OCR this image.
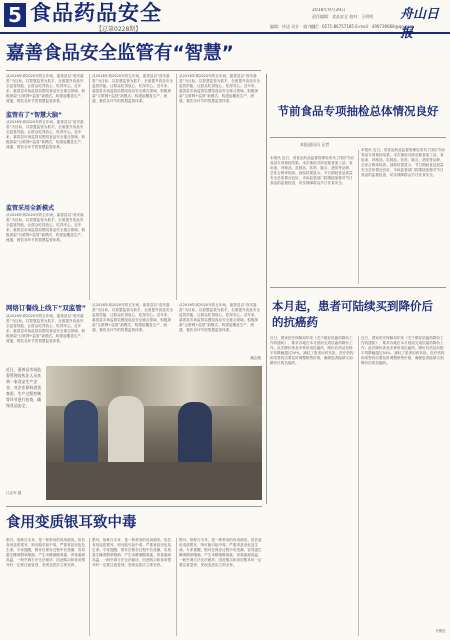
5 食品药品安全
【总第0228期】
2018年9月29日
责任编辑：食品安全 校对：王明明
编辑：传达 设计：姚力丹
电话：0571-86757185 E-mail：490739668@qq.com
舟山日报
嘉善食品安全监管有“智慧”
从2016年到2020年的五年间，嘉善县以“食安嘉善”为目标，以智慧监管为抓手，全面提升食品安全监管效能，让群众吃得放心、吃得安心。近年来，嘉善县市场监管局围绕食品安全重点领域，积极探索“互联网+监管”新模式，构建起覆盖生产、流通、餐饮各环节的智慧监管体系。
监管有了“智慧大脑”
从2016年到2020年的五年间，嘉善县以“食安嘉善”为目标，以智慧监管为抓手，全面提升食品安全监管效能，让群众吃得放心、吃得安心。近年来，嘉善县市场监管局围绕食品安全重点领域，积极探索“互联网+监管”新模式，构建起覆盖生产、流通、餐饮各环节的智慧监管体系。
监管采用全新模式
从2016年到2020年的五年间，嘉善县以“食安嘉善”为目标，以智慧监管为抓手，全面提升食品安全监管效能，让群众吃得放心、吃得安心。近年来，嘉善县市场监管局围绕食品安全重点领域，积极探索“互联网+监管”新模式，构建起覆盖生产、流通、餐饮各环节的智慧监管体系。
从2016年到2020年的五年间，嘉善县以“食安嘉善”为目标，以智慧监管为抓手，全面提升食品安全监管效能，让群众吃得放心、吃得安心。近年来，嘉善县市场监管局围绕食品安全重点领域，积极探索“互联网+监管”新模式，构建起覆盖生产、流通、餐饮各环节的智慧监管体系。
从2016年到2020年的五年间，嘉善县以“食安嘉善”为目标，以智慧监管为抓手，全面提升食品安全监管效能，让群众吃得放心、吃得安心。近年来，嘉善县市场监管局围绕食品安全重点领域，积极探索“互联网+监管”新模式，构建起覆盖生产、流通、餐饮各环节的智慧监管体系。
网络订餐线上线下“双监管”
从2016年到2020年的五年间，嘉善县以“食安嘉善”为目标，以智慧监管为抓手，全面提升食品安全监管效能，让群众吃得放心、吃得安心。近年来，嘉善县市场监管局围绕食品安全重点领域，积极探索“互联网+监管”新模式，构建起覆盖生产、流通、餐饮各环节的智慧监管体系。
从2016年到2020年的五年间，嘉善县以“食安嘉善”为目标，以智慧监管为抓手，全面提升食品安全监管效能，让群众吃得放心、吃得安心。近年来，嘉善县市场监管局围绕食品安全重点领域，积极探索“互联网+监管”新模式，构建起覆盖生产、流通、餐饮各环节的智慧监管体系。
从2016年到2020年的五年间，嘉善县以“食安嘉善”为目标，以智慧监管为抓手，全面提升食品安全监管效能，让群众吃得放心、吃得安心。近年来，嘉善县市场监管局围绕食品安全重点领域，积极探索“互联网+监管”新模式，构建起覆盖生产、流通、餐饮各环节的智慧监管体系。
潘志刚
近日，嘉善县市场监督管理局执法人员来到一家食品生产企业，对企业原料进货查验、生产过程控制等环节进行检查，确保食品安全。
江志军 摄
节前食品专项抽检总体情况良好
本报通讯员 记者
本报讯 近日，省食品药品监督管理局发布了国庆节前食品专项抽检结果。本次抽检共涉及粮食加工品、食用油、肉制品、乳制品、饮料、糕点、酒类等品种，总体合格率较高。抽检结果显示，节日期间食品质量安全总体情况良好，市场监管部门将继续加强对节日食品的监督检查，切实保障群众节日饮食安全。
本报讯 近日，省食品药品监督管理局发布了国庆节前食品专项抽检结果。本次抽检共涉及粮食加工品、食用油、肉制品、乳制品、饮料、糕点、酒类等品种，总体合格率较高。抽检结果显示，节日期间食品质量安全总体情况良好，市场监管部门将继续加强对节日食品的监督检查，切实保障群众节日饮食安全。
本月起，患者可陆续买到降价后的抗癌药
近日，国家医疗保障局印发《关于做好抗癌药降价工作的通知》，要求各地在本月底前完成抗癌药降价工作。此次降价涉及多种常用抗癌药，降价后药品价格平均降幅超过50%，减轻了患者用药负担。医疗机构和零售药店要及时调整销售价格，确保患者能够买到降价后的抗癌药。
近日，国家医疗保障局印发《关于做好抗癌药降价工作的通知》，要求各地在本月底前完成抗癌药降价工作。此次降价涉及多种常用抗癌药，降价后药品价格平均降幅超过50%，减轻了患者用药负担。医疗机构和零售药店要及时调整销售价格，确保患者能够买到降价后的抗癌药。
食用变质银耳致中毒
银耳，俗称白木耳，是一种常用的食用菌类。但若食用变质银耳，则可能引起中毒，严重者甚至危及生命。专家提醒，银耳在保存过程中若受潮，容易滋生椰毒假单胞菌，产生米酵菌酸毒素，该毒素耐高温，一般烹调方法无法破坏，因此购买和食用银耳时一定要注意鉴别，发现变质应立即丢弃。
银耳，俗称白木耳，是一种常用的食用菌类。但若食用变质银耳，则可能引起中毒，严重者甚至危及生命。专家提醒，银耳在保存过程中若受潮，容易滋生椰毒假单胞菌，产生米酵菌酸毒素，该毒素耐高温，一般烹调方法无法破坏，因此购买和食用银耳时一定要注意鉴别，发现变质应立即丢弃。
银耳，俗称白木耳，是一种常用的食用菌类。但若食用变质银耳，则可能引起中毒，严重者甚至危及生命。专家提醒，银耳在保存过程中若受潮，容易滋生椰毒假单胞菌，产生米酵菌酸毒素，该毒素耐高温，一般烹调方法无法破坏，因此购买和食用银耳时一定要注意鉴别，发现变质应立即丢弃。
马维红
